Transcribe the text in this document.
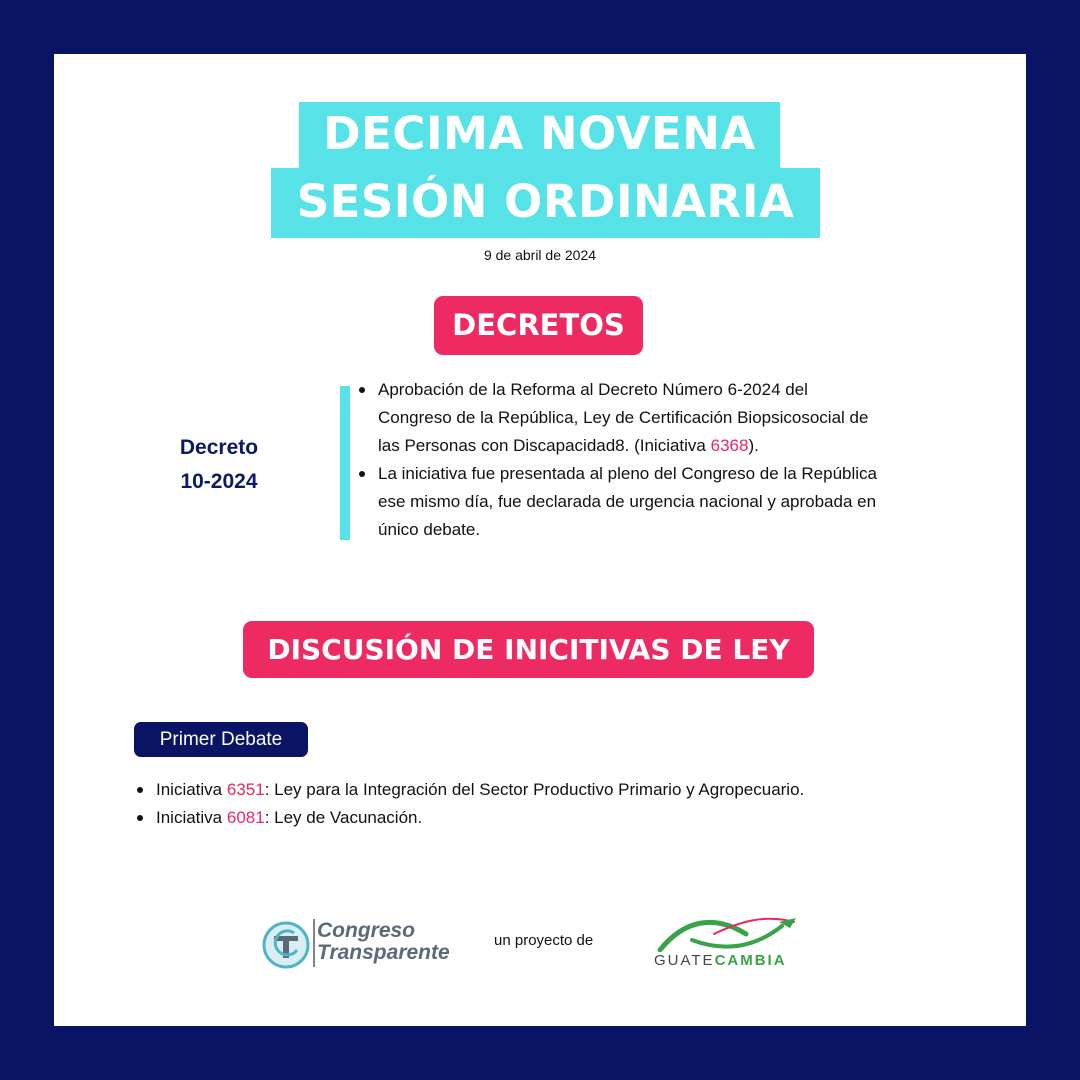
DECIMA NOVENA
SESIÓN ORDINARIA
9 de abril de 2024
DECRETOS
Decreto
10-2024
Aprobación de la Reforma al Decreto Número 6-2024 del
Congreso de la República, Ley de Certificación Biopsicosocial de
las Personas con Discapacidad8. (Iniciativa 6368).
La iniciativa fue presentada al pleno del Congreso de la República
ese mismo día, fue declarada de urgencia nacional y aprobada en
único debate.
DISCUSIÓN DE INICITIVAS DE LEY
Primer Debate
Iniciativa 6351: Ley para la Integración del Sector Productivo Primario y Agropecuario.
Iniciativa 6081: Ley de Vacunación.
Congreso
Transparente
un proyecto de
GUATECAMBIA
